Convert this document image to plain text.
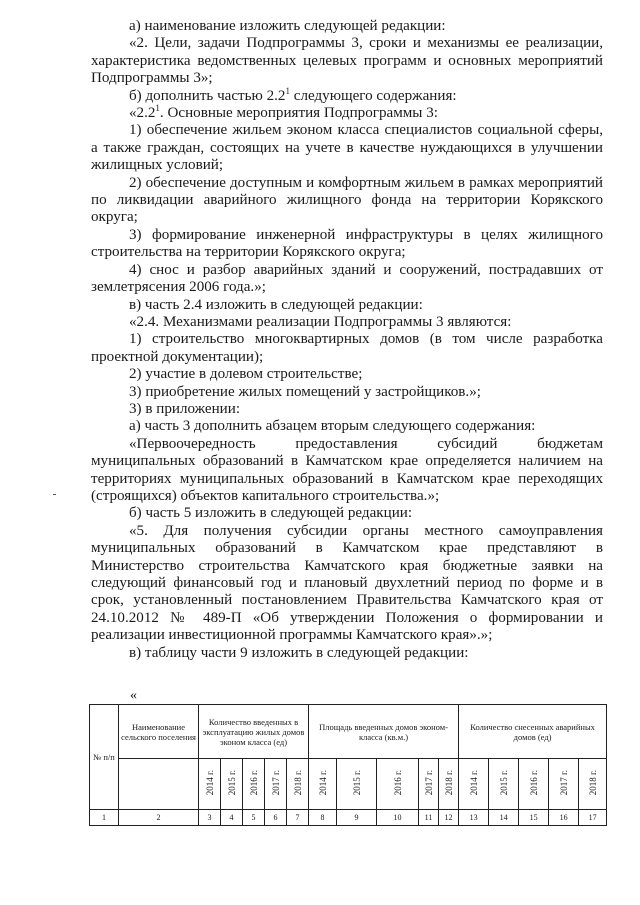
а) наименование изложить следующей редакции:

«2. Цели, задачи Подпрограммы 3, сроки и механизмы ее реализации, характеристика ведомственных целевых программ и основных мероприятий Подпрограммы 3»;

б) дополнить частью $2.2^1$ следующего содержания:

«$2.2^1$. Основные мероприятия Подпрограммы 3:

1) обеспечение жильем эконом класса специалистов социальной сферы, а также граждан, состоящих на учете в качестве нуждающихся в улучшении жилищных условий;

2) обеспечение доступным и комфортным жильем в рамках мероприятий по ликвидации аварийного жилищного фонда на территории Корякского округа;

3) формирование инженерной инфраструктуры в целях жилищного строительства на территории Корякского округа;

4) снос и разбор аварийных зданий и сооружений, пострадавших от землетрясения 2006 года.»;

в) часть 2.4 изложить в следующей редакции:

«2.4. Механизмами реализации Подпрограммы 3 являются:

1) строительство многоквартирных домов (в том числе разработка проектной документации);

2) участие в долевом строительстве;

3) приобретение жилых помещений у застройщиков.»;

3) в приложении:

а) часть 3 дополнить абзацем вторым следующего содержания:

«Первоочередность предоставления субсидий бюджетам муниципальных образований в Камчатском крае определяется наличием на территориях муниципальных образований в Камчатском крае переходящих (строящихся) объектов капитального строительства.»;

б) часть 5 изложить в следующей редакции:

«5. Для получения субсидии органы местного самоуправления муниципальных образований в Камчатском крае представляют в Министерство строительства Камчатского края бюджетные заявки на следующий финансовый год и плановый двухлетний период по форме и в срок, установленный постановлением Правительства Камчатского края от 24.10.2012 № 489-П «Об утверждении Положения о формировании и реализации инвестиционной программы Камчатского края».»;

в) таблицу части 9 изложить в следующей редакции:

«
№ п/п	Наименование сельского поселения	Количество введенных в эксплуатацию жилых домов эконом класса (ед)					Площадь введенных домов эконом-класса (кв.м.)					Количество снесенных аварийных домов (ед)				
		2014 г.	2015 г.	2016 г.	2017 г.	2018 г.	2014 г.	2015 г.	2016 г.	2017 г.	2018 г.	2014 г.	2015 г.	2016 г.	2017 г.	2018 г.
1	2	3	4	5	6	7	8	9	10	11	12	13	14	15	16	17
